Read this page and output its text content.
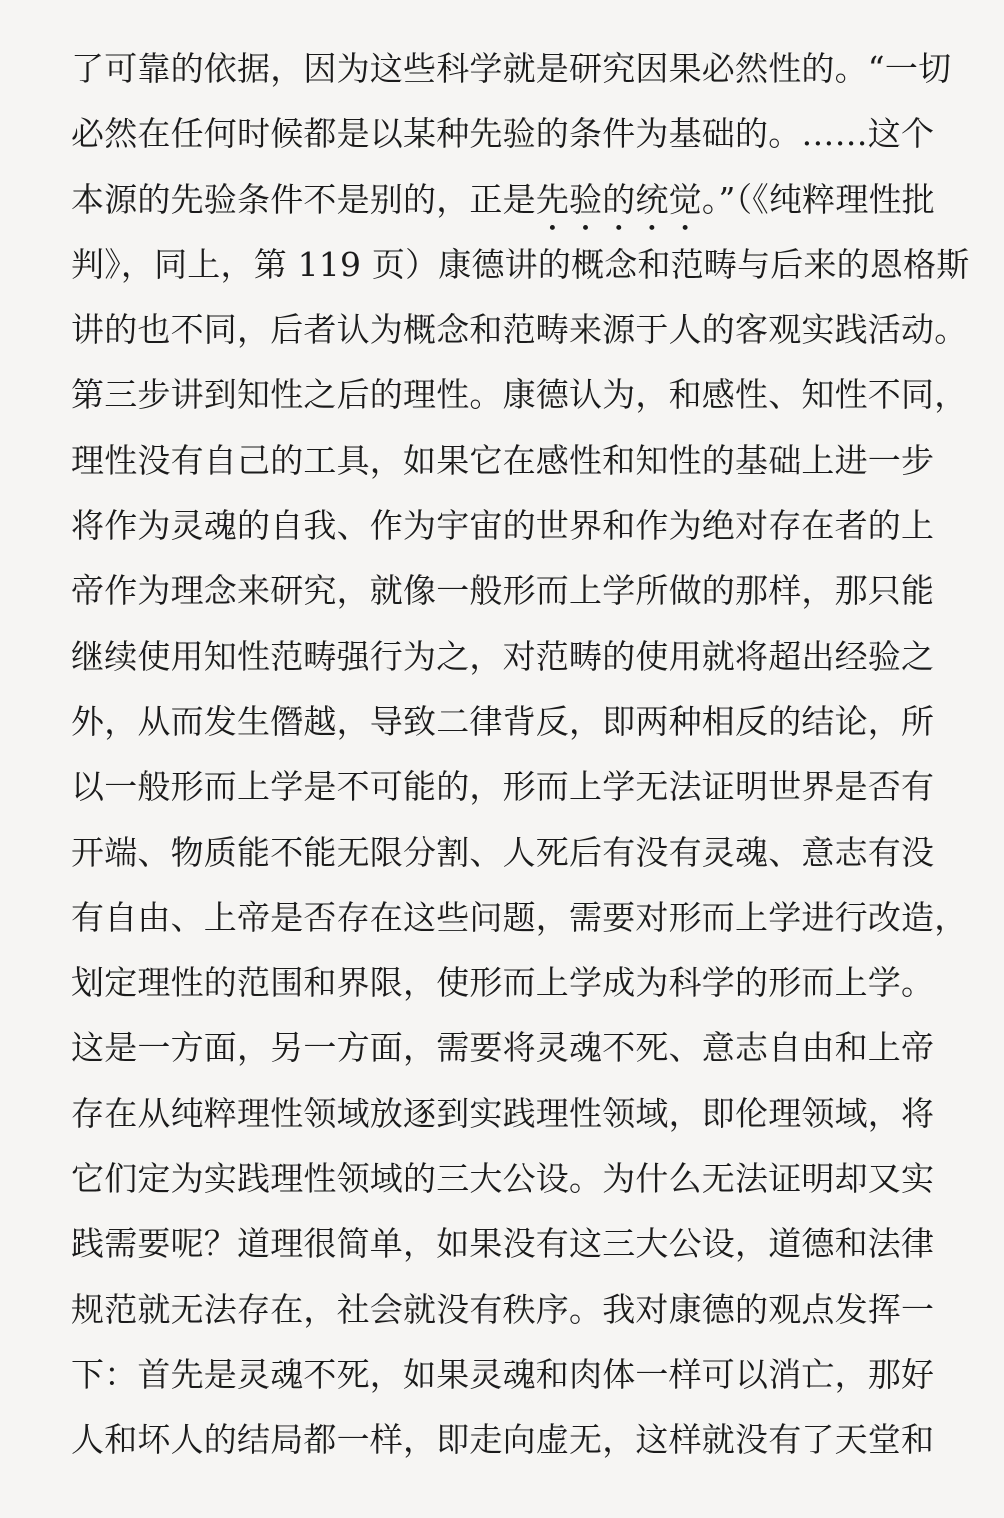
了可靠的依据，因为这些科学就是研究因果必然性的。“一切
必然在任何时候都是以某种先验的条件为基础的。……这个
本源的先验条件不是别的，正是先验的统觉。”（《纯粹理性批
判》，同上，第 119 页）康德讲的概念和范畴与后来的恩格斯
讲的也不同，后者认为概念和范畴来源于人的客观实践活动。
第三步讲到知性之后的理性。康德认为，和感性、知性不同，
理性没有自己的工具，如果它在感性和知性的基础上进一步
将作为灵魂的自我、作为宇宙的世界和作为绝对存在者的上
帝作为理念来研究，就像一般形而上学所做的那样，那只能
继续使用知性范畴强行为之，对范畴的使用就将超出经验之
外，从而发生僭越，导致二律背反，即两种相反的结论，所
以一般形而上学是不可能的，形而上学无法证明世界是否有
开端、物质能不能无限分割、人死后有没有灵魂、意志有没
有自由、上帝是否存在这些问题，需要对形而上学进行改造，
划定理性的范围和界限，使形而上学成为科学的形而上学。
这是一方面，另一方面，需要将灵魂不死、意志自由和上帝
存在从纯粹理性领域放逐到实践理性领域，即伦理领域，将
它们定为实践理性领域的三大公设。为什么无法证明却又实
践需要呢？道理很简单，如果没有这三大公设，道德和法律
规范就无法存在，社会就没有秩序。我对康德的观点发挥一
下：首先是灵魂不死，如果灵魂和肉体一样可以消亡，那好
人和坏人的结局都一样，即走向虚无，这样就没有了天堂和
